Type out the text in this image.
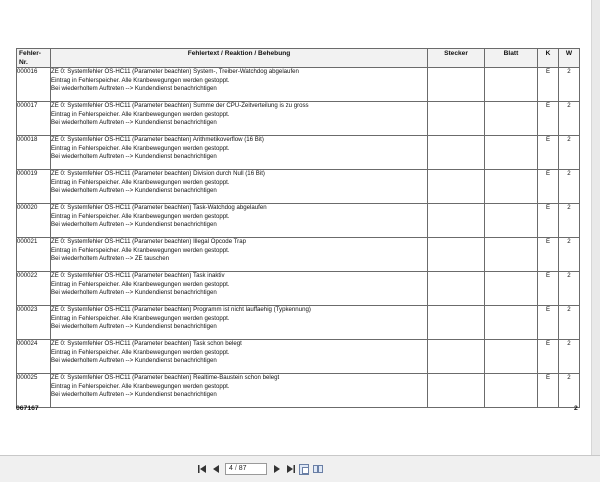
Fehler-Nr.	Fehlertext / Reaktion / Behebung	Stecker	Blatt	K	W
000016	ZE 0: Systemfehler OS-HC11 (Parameter beachten) System-, Treiber-Watchdog abgelaufen
Eintrag in Fehlerspeicher. Alle Kranbewegungen werden gestoppt.
Bei wiederholtem Auftreten --> Kundendienst benachrichtigen			E	2
000017	ZE 0: Systemfehler OS-HC11 (Parameter beachten) Summe der CPU-Zeitverteilung is zu gross
Eintrag in Fehlerspeicher. Alle Kranbewegungen werden gestoppt.
Bei wiederholtem Auftreten --> Kundendienst benachrichtigen			E	2
000018	ZE 0: Systemfehler OS-HC11 (Parameter beachten) Arithmetikoverflow (16 Bit)
Eintrag in Fehlerspeicher. Alle Kranbewegungen werden gestoppt.
Bei wiederholtem Auftreten --> Kundendienst benachrichtigen			E	2
000019	ZE 0: Systemfehler OS-HC11 (Parameter beachten) Division durch Null (16 Bit)
Eintrag in Fehlerspeicher. Alle Kranbewegungen werden gestoppt.
Bei wiederholtem Auftreten --> Kundendienst benachrichtigen			E	2
000020	ZE 0: Systemfehler OS-HC11 (Parameter beachten) Task-Watchdog abgelaufen
Eintrag in Fehlerspeicher. Alle Kranbewegungen werden gestoppt.
Bei wiederholtem Auftreten --> Kundendienst benachrichtigen			E	2
000021	ZE 0: Systemfehler OS-HC11 (Parameter beachten) Illegal Opcode Trap
Eintrag in Fehlerspeicher. Alle Kranbewegungen werden gestoppt.
Bei wiederholtem Auftreten --> ZE tauschen			E	2
000022	ZE 0: Systemfehler OS-HC11 (Parameter beachten) Task inaktiv
Eintrag in Fehlerspeicher. Alle Kranbewegungen werden gestoppt.
Bei wiederholtem Auftreten --> Kundendienst benachrichtigen			E	2
000023	ZE 0: Systemfehler OS-HC11 (Parameter beachten) Programm ist nicht lauffaehig (Typkennung)
Eintrag in Fehlerspeicher. Alle Kranbewegungen werden gestoppt.
Bei wiederholtem Auftreten --> Kundendienst benachrichtigen			E	2
000024	ZE 0: Systemfehler OS-HC11 (Parameter beachten) Task schon belegt
Eintrag in Fehlerspeicher. Alle Kranbewegungen werden gestoppt.
Bei wiederholtem Auftreten --> Kundendienst benachrichtigen			E	2
000025	ZE 0: Systemfehler OS-HC11 (Parameter beachten) Realtime-Baustein schon belegt
Eintrag in Fehlerspeicher. Alle Kranbewegungen werden gestoppt.
Bei wiederholtem Auftreten --> Kundendienst benachrichtigen			E	2
067167	2
4 / 87
